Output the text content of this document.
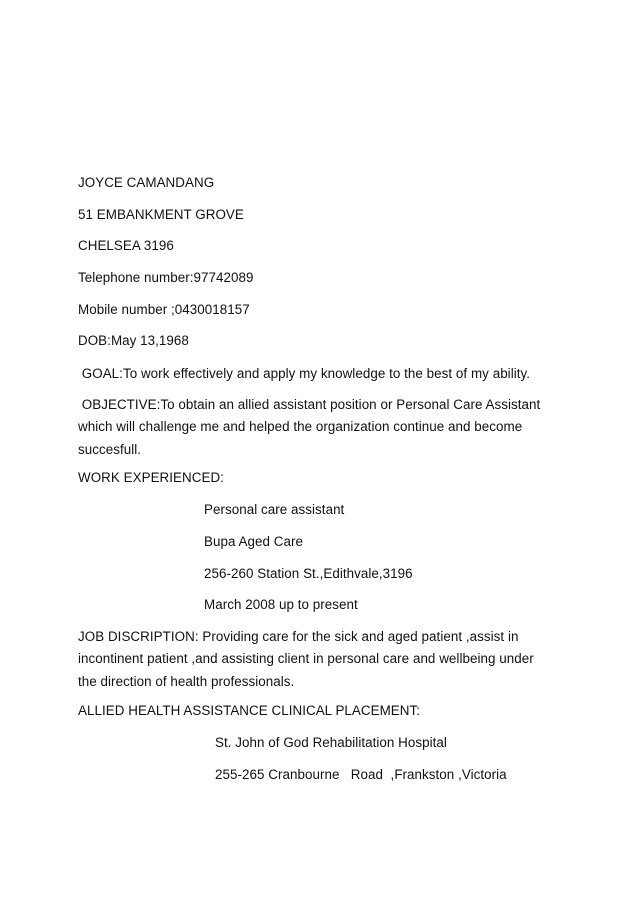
JOYCE CAMANDANG
51 EMBANKMENT GROVE
CHELSEA 3196
Telephone number:97742089
Mobile number ;0430018157
DOB:May 13,1968
GOAL:To work effectively and apply my knowledge to the best of my ability.
OBJECTIVE:To obtain an allied assistant position or Personal Care Assistant
which will challenge me and helped the organization continue and become
succesfull.
WORK EXPERIENCED:
Personal care assistant
Bupa Aged Care
256-260 Station St.,Edithvale,3196
March 2008 up to present
JOB DISCRIPTION: Providing care for the sick and aged patient ,assist in
incontinent patient ,and assisting client in personal care and wellbeing under
the direction of health professionals.
ALLIED HEALTH ASSISTANCE CLINICAL PLACEMENT:
St. John of God Rehabilitation Hospital
255-265 Cranbourne   Road  ,Frankston ,Victoria
